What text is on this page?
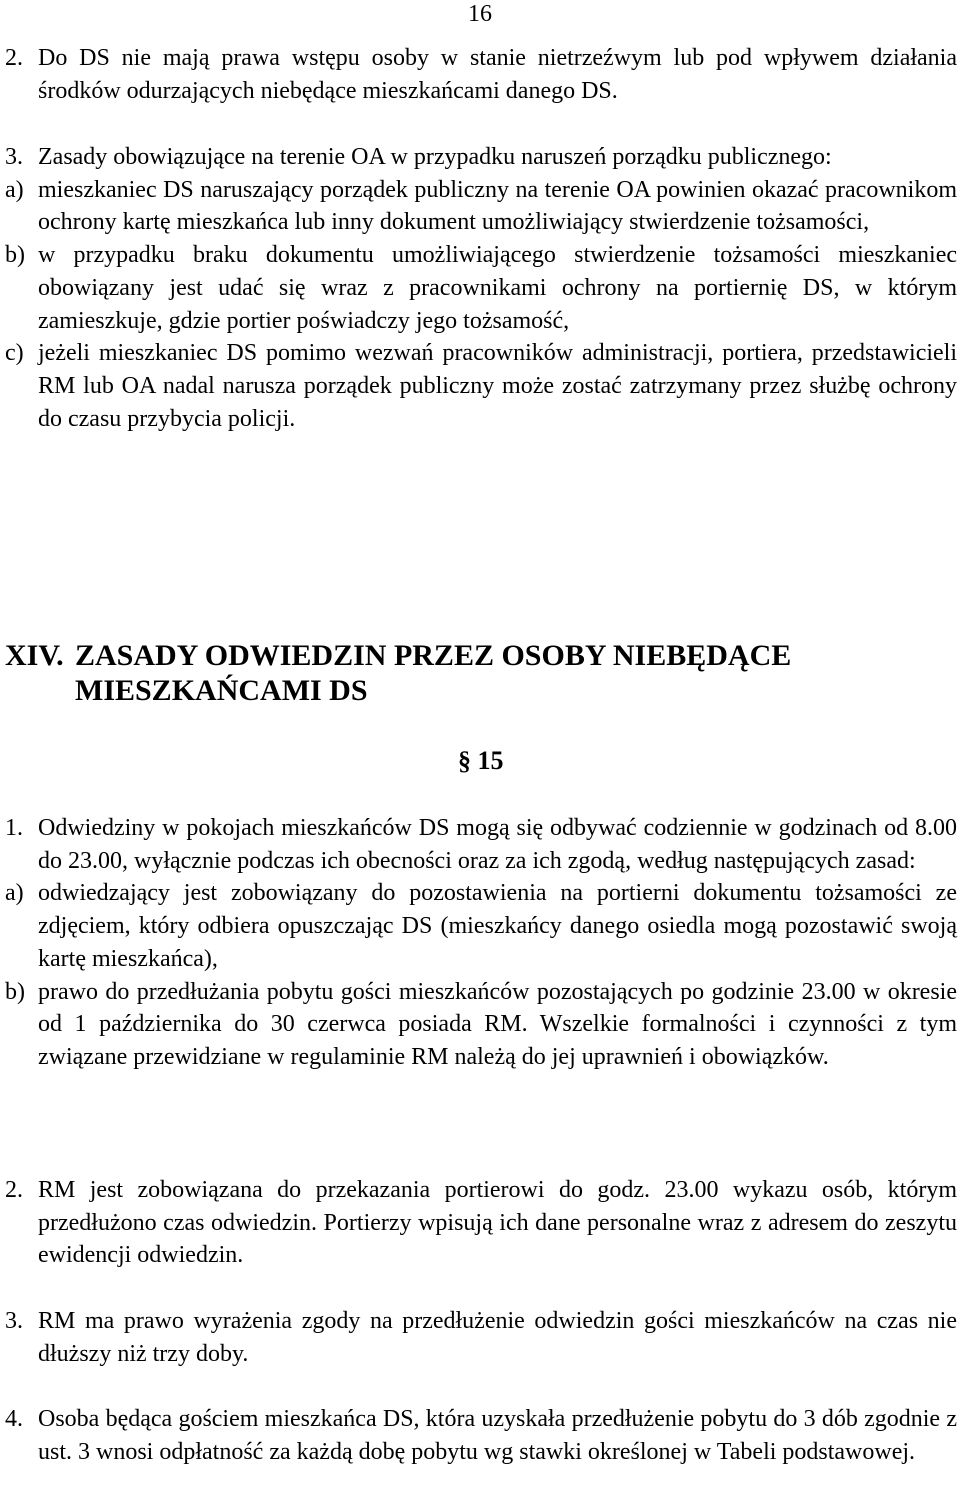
16
2. Do DS nie mają prawa wstępu osoby w stanie nietrzeźwym lub pod wpływem działania środków odurzających niebędące mieszkańcami danego DS.
3. Zasady obowiązujące na terenie OA w przypadku naruszeń porządku publicznego:
a) mieszkaniec DS naruszający porządek publiczny na terenie OA powinien okazać pracownikom ochrony kartę mieszkańca lub inny dokument umożliwiający stwierdzenie tożsamości,
b) w przypadku braku dokumentu umożliwiającego stwierdzenie tożsamości mieszkaniec obowiązany jest udać się wraz z pracownikami ochrony na portiernię DS, w którym zamieszkuje, gdzie portier poświadczy jego tożsamość,
c) jeżeli mieszkaniec DS pomimo wezwań pracowników administracji, portiera, przedstawicieli RM lub OA nadal narusza porządek publiczny może zostać zatrzymany przez służbę ochrony do czasu przybycia policji.
XIV. ZASADY ODWIEDZIN PRZEZ OSOBY NIEBĘDĄCE
MIESZKAŃCAMI DS
§ 15
1. Odwiedziny w pokojach mieszkańców DS mogą się odbywać codziennie w godzinach od 8.00 do 23.00, wyłącznie podczas ich obecności oraz za ich zgodą, według następujących zasad:
a) odwiedzający jest zobowiązany do pozostawienia na portierni dokumentu tożsamości ze zdjęciem, który odbiera opuszczając DS (mieszkańcy danego osiedla mogą pozostawić swoją kartę mieszkańca),
b) prawo do przedłużania pobytu gości mieszkańców pozostających po godzinie 23.00 w okresie od 1 października do 30 czerwca posiada RM. Wszelkie formalności i czynności z tym związane przewidziane w regulaminie RM należą do jej uprawnień i obowiązków.
2. RM jest zobowiązana do przekazania portierowi do godz. 23.00 wykazu osób, którym przedłużono czas odwiedzin. Portierzy wpisują ich dane personalne wraz z adresem do zeszytu ewidencji odwiedzin.
3. RM ma prawo wyrażenia zgody na przedłużenie odwiedzin gości mieszkańców na czas nie dłuższy niż trzy doby.
4. Osoba będąca gościem mieszkańca DS, która uzyskała przedłużenie pobytu do 3 dób zgodnie z ust. 3 wnosi odpłatność za każdą dobę pobytu wg stawki określonej w Tabeli podstawowej.
